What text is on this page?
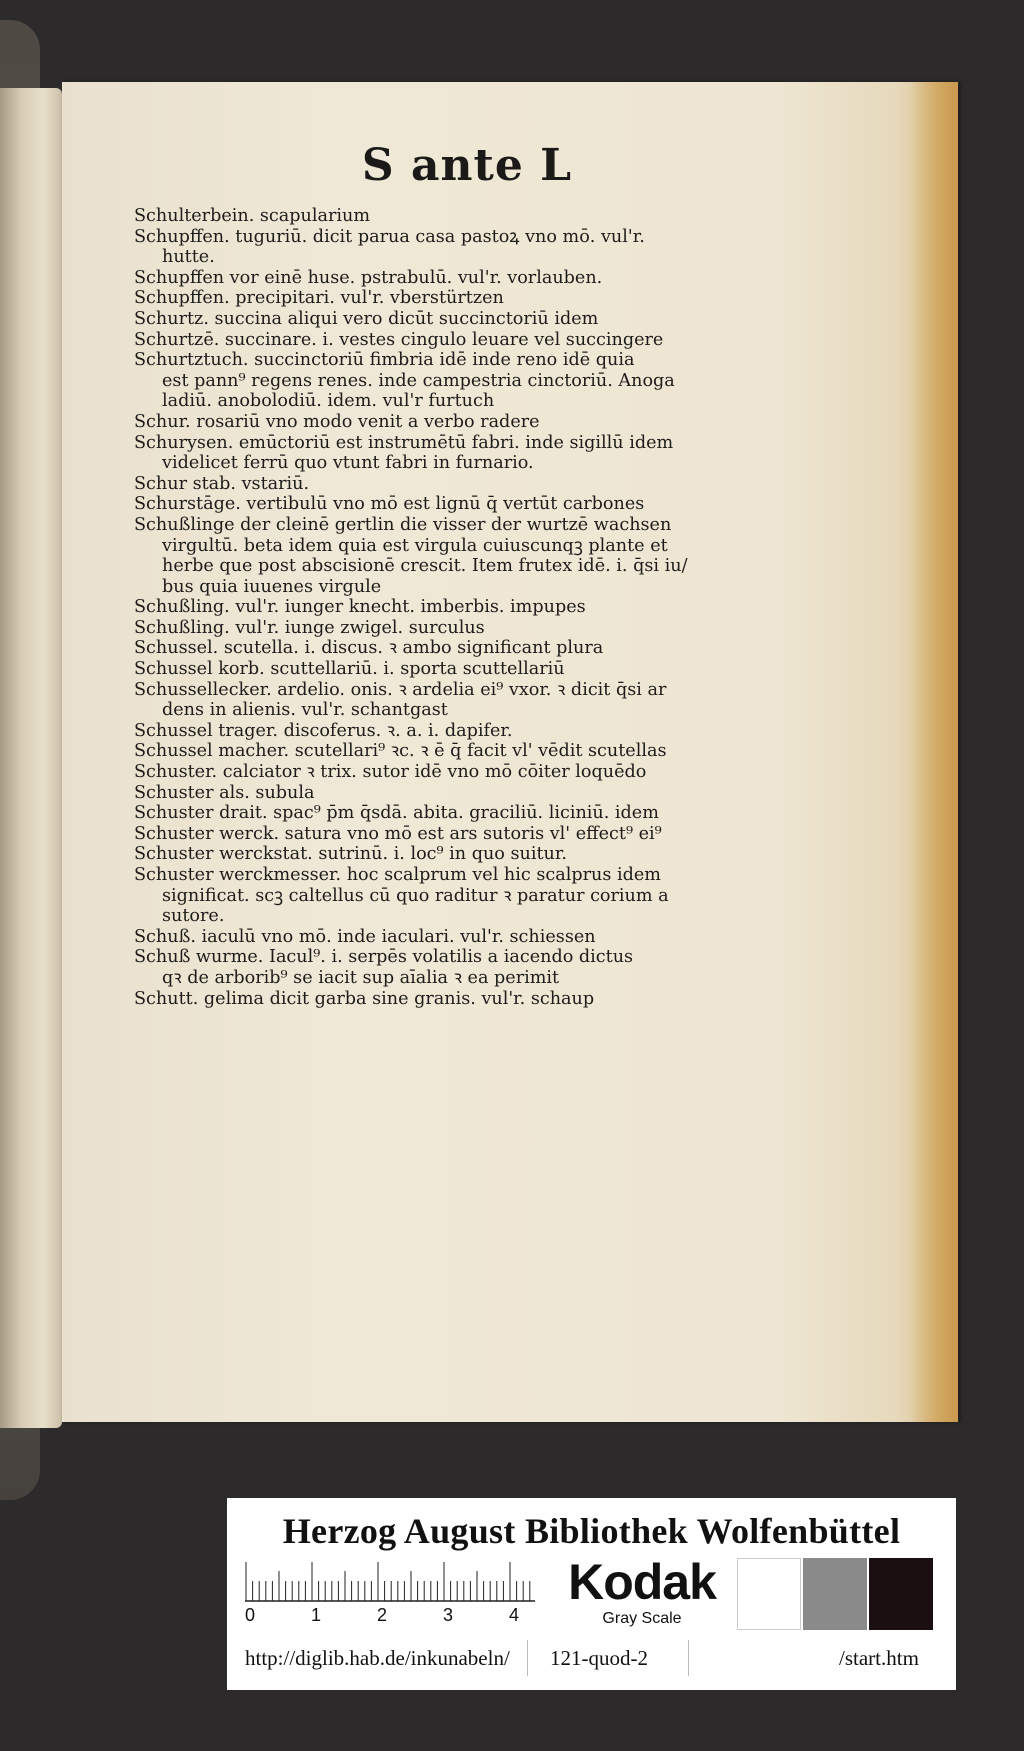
S ante L
Schulterbein. scapularium
Schupffen. tuguriū. dicit̄ parua casa pastoꝝ vno mō. vul'r.
hutte.
Schupffen vor einē huse. pstrabulū. vul'r. vorlauben.
Schupffen. precipitari. vul'r. vberstürtzen
Schurtz. succina aliqui vero dicūt succinctoriū idem
Schurtzē. succinare. i. vestes cingulo leuare vel succingere
Schurtztuch. succinctoriū fimbria idē inde reno idē quia
est pann⁹ regens renes. inde campestria cinctoriū. Anoga
ladiū. anobolodiū. idem. vul'r furtuch
Schur. rosariū vno modo venit a verbo radere
Schurysen. emūctoriū est instrumētū fabri. inde sigillū idem
videlicet ferrū quo vtunt̄ fabri in furnario.
Schur stab. vstariū.
Schurstāge. vertibulū vno mō est lignū q̄ vertūt̄ carbones
Schußlinge der cleinē gertlin die visser der wurtzē wachsen
virgultū. beta idem quia est virgula cuiuscunqꝫ plante et
herbe que post abscisionē crescit. Item frutex idē. i. q̄si iu/
bus quia iuuenes virgule
Schußling. vul'r. iunger knecht. imberbis. impupes
Schußling. vul'r. iunge zwigel. surculus
Schussel. scutella. i. discus. ꝛ ambo significant plura
Schussel korb. scuttellariū. i. sporta scuttellariū
Schussellecker. ardelio. onis. ꝛ ardelia ei⁹ vxor. ꝛ dicit̄ q̄si ar
dens in alienis. vul'r. schantgast
Schussel trager. discoferus. ꝛ. a. i. dapifer.
Schussel macher. scutellari⁹ ꝛc. ꝛ ē q̄ facit vl' vēdit scutellas
Schuster. calciator ꝛ trix. sutor idē vno mō cōiter loquēdo
Schuster als. subula
Schuster drait. spac⁹ p̄m q̄sdā. abita. graciliū. liciniū. idem
Schuster werck. satura vno mō est ars sutoris vl' effect⁹ ei⁹
Schuster werckstat. sutrinū. i. loc⁹ in quo suitur.
Schuster werckmesser. hoc scalprum vel hic scalprus idem
significat. scꝫ caltellus cū quo raditur ꝛ paratur corium a
sutore.
Schuß. iaculū vno mō. inde iaculari. vul'r. schiessen
Schuß wurme. Iacul⁹. i. serpēs volatilis a iacendo dictus
qꝛ de arborib⁹ se iacit sup aīalia ꝛ ea perimit
Schutt. gelima dicit̄ garba sine granis. vul'r. schaup
Herzog August Bibliothek Wolfenbüttel
0	1	2	3	4
Kodak
Gray Scale
http://diglib.hab.de/inkunabeln/ 121-quod-2	/start.htm
